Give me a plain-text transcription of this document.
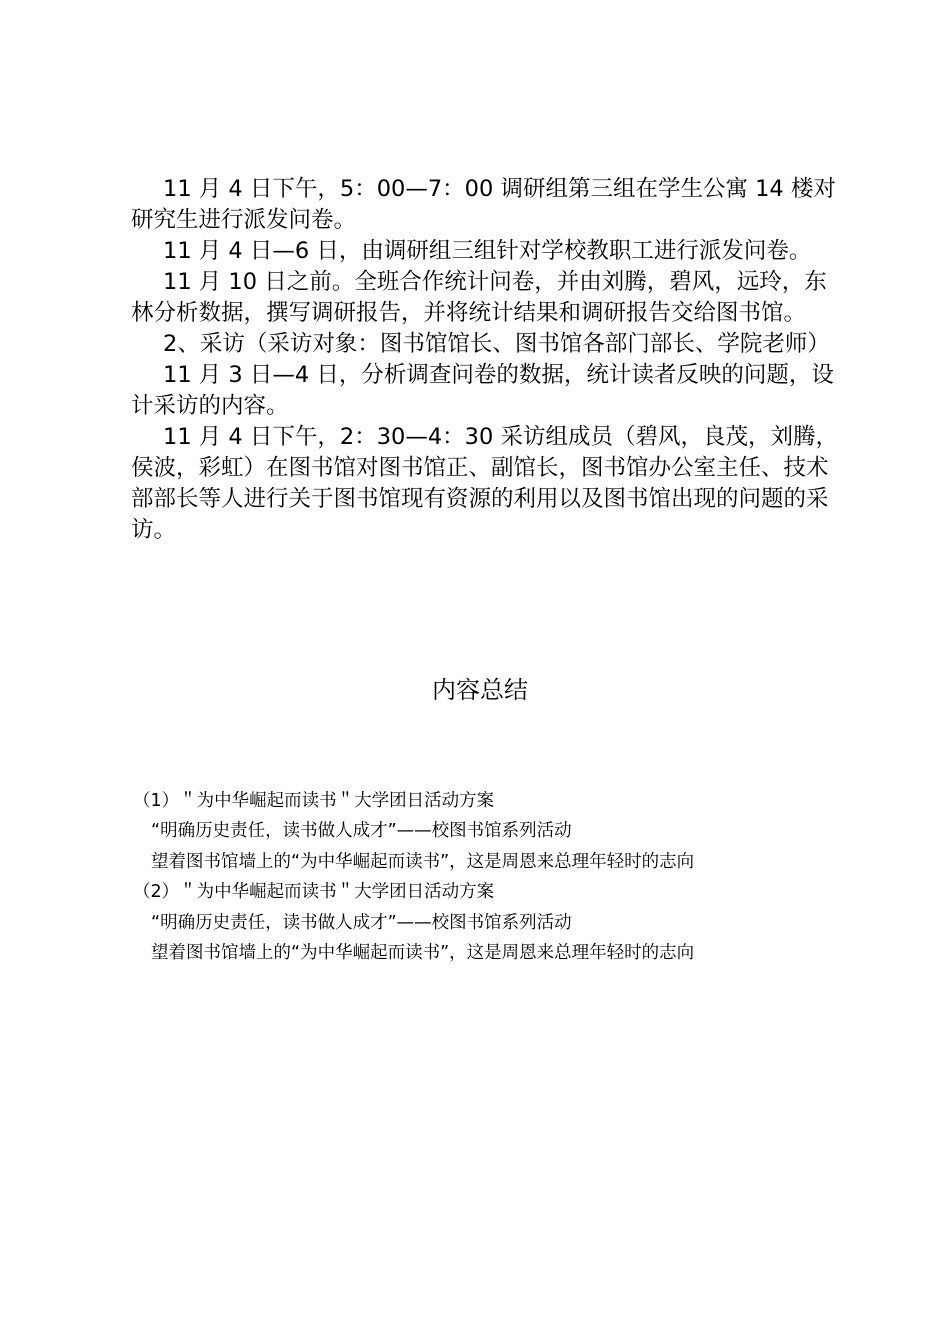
11 月 4 日下午，5：00—7：00 调研组第三组在学生公寓 14 楼对研究生进行派发问卷。

11 月 4 日—6 日，由调研组三组针对学校教职工进行派发问卷。

11 月 10 日之前。全班合作统计问卷，并由刘腾，碧风，远玲，东林分析数据，撰写调研报告，并将统计结果和调研报告交给图书馆。

2、采访（采访对象：图书馆馆长、图书馆各部门部长、学院老师）

11 月 3 日—4 日，分析调查问卷的数据，统计读者反映的问题，设计采访的内容。

11 月 4 日下午，2：30—4：30 采访组成员（碧风，良茂，刘腾，侯波，彩虹）在图书馆对图书馆正、副馆长，图书馆办公室主任、技术部部长等人进行关于图书馆现有资源的利用以及图书馆出现的问题的采访。

内容总结
（1）＂为中华崛起而读书＂大学团日活动方案
“明确历史责任，读书做人成才”——校图书馆系列活动
望着图书馆墙上的“为中华崛起而读书”，这是周恩来总理年轻时的志向
（2）＂为中华崛起而读书＂大学团日活动方案
“明确历史责任，读书做人成才”——校图书馆系列活动
望着图书馆墙上的“为中华崛起而读书”，这是周恩来总理年轻时的志向
